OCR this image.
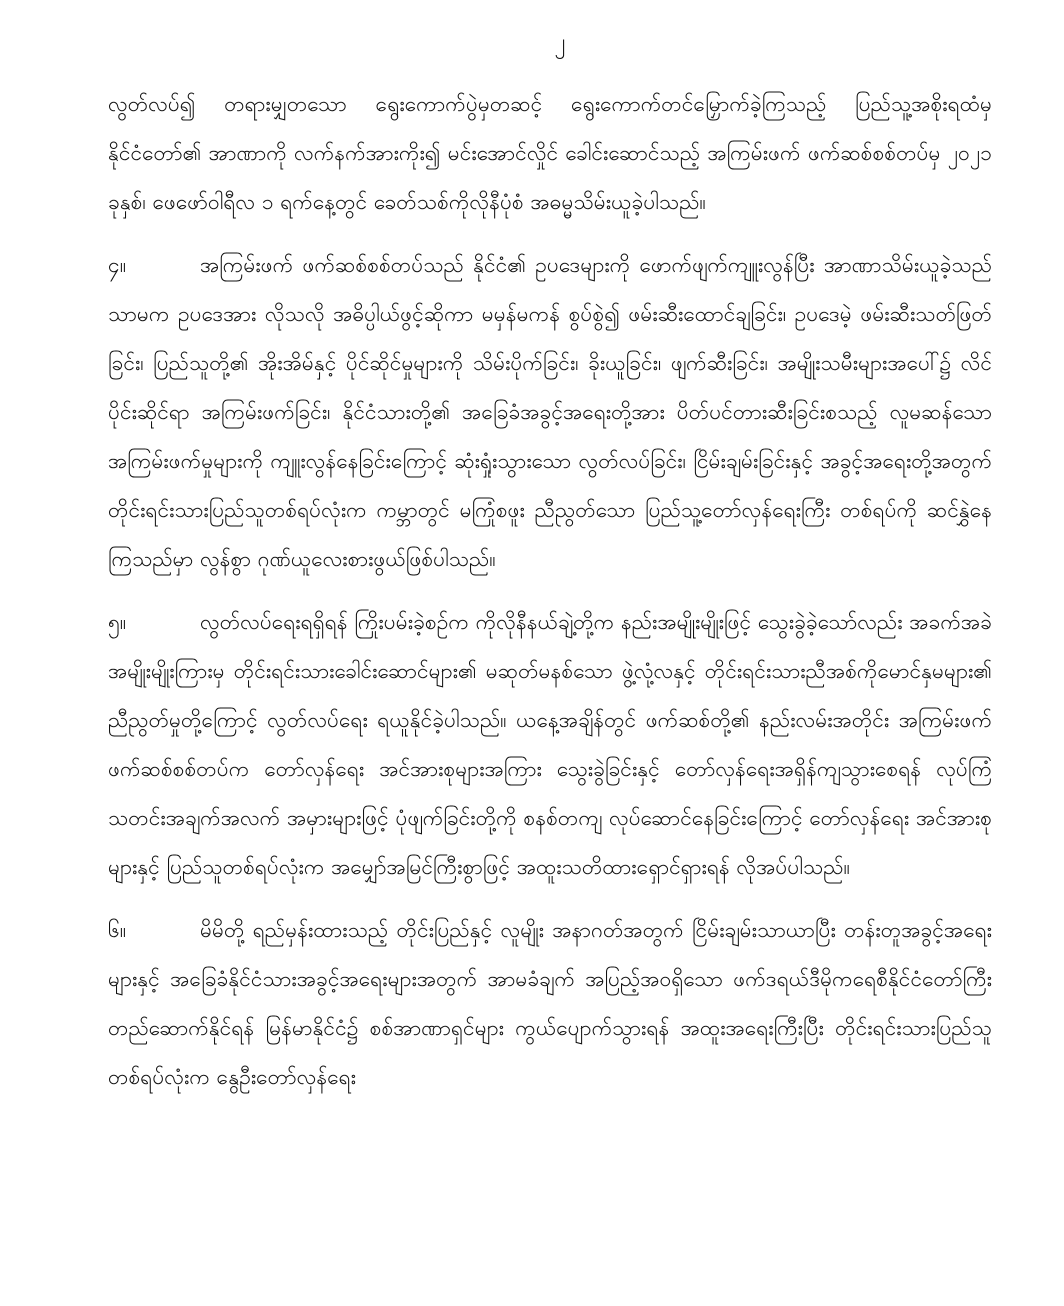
၂

လွတ်လပ်၍ တရားမျှတသော ရွေးကောက်ပွဲမှတဆင့် ရွေးကောက်တင်မြှောက်ခဲ့ကြသည့် ပြည်သူ့အစိုးရထံမှ နိုင်ငံတော်၏ အာဏာကို လက်နက်အားကိုး၍ မင်းအောင်လှိုင် ခေါင်းဆောင်သည့် အကြမ်းဖက် ဖက်ဆစ်စစ်တပ်မှ ၂၀၂၁ ခုနှစ်၊ ဖေဖော်ဝါရီလ ၁ ရက်နေ့တွင် ခေတ်သစ်ကိုလိုနီပုံစံ အဓမ္မသိမ်းယူခဲ့ပါသည်။

၄။	အကြမ်းဖက် ဖက်ဆစ်စစ်တပ်သည် နိုင်ငံ၏ ဥပဒေများကို ဖောက်ဖျက်ကျူးလွန်ပြီး အာဏာသိမ်းယူခဲ့သည်သာမက ဥပဒေအား လိုသလို အဓိပ္ပါယ်ဖွင့်ဆိုကာ မမှန်မကန် စွပ်စွဲ၍ ဖမ်းဆီးထောင်ချခြင်း၊ ဥပဒေမဲ့ ဖမ်းဆီးသတ်ဖြတ်ခြင်း၊ ပြည်သူတို့၏ အိုးအိမ်နှင့် ပိုင်ဆိုင်မှုများကို သိမ်းပိုက်ခြင်း၊ ခိုးယူခြင်း၊ ဖျက်ဆီးခြင်း၊ အမျိုးသမီးများအပေါ်၌ လိင်ပိုင်းဆိုင်ရာ အကြမ်းဖက်ခြင်း၊ နိုင်ငံသားတို့၏ အခြေခံအခွင့်အရေးတို့အား ပိတ်ပင်တားဆီးခြင်းစသည့် လူမဆန်သော အကြမ်းဖက်မှုများကို ကျူးလွန်နေခြင်းကြောင့် ဆုံးရှုံးသွားသော လွတ်လပ်ခြင်း၊ ငြိမ်းချမ်းခြင်းနှင့် အခွင့်အရေးတို့အတွက် တိုင်းရင်းသားပြည်သူတစ်ရပ်လုံးက ကမ္ဘာတွင် မကြုံစဖူး ညီညွတ်သော ပြည်သူ့တော်လှန်ရေးကြီး တစ်ရပ်ကို ဆင်နွှဲနေကြသည်မှာ လွန်စွာ ဂုဏ်ယူလေးစားဖွယ်ဖြစ်ပါသည်။

၅။	လွတ်လပ်ရေးရရှိရန် ကြိုးပမ်းခဲ့စဉ်က ကိုလိုနီနယ်ချဲ့တို့က နည်းအမျိုးမျိုးဖြင့် သွေးခွဲခဲ့သော်လည်း အခက်အခဲအမျိုးမျိုးကြားမှ တိုင်းရင်းသားခေါင်းဆောင်များ၏ မဆုတ်မနစ်သော ဖွဲ့လုံ့လနှင့် တိုင်းရင်းသားညီအစ်ကိုမောင်နှမများ၏ ညီညွတ်မှုတို့ကြောင့် လွတ်လပ်ရေး ရယူနိုင်ခဲ့ပါသည်။ ယနေ့အချိန်တွင် ဖက်ဆစ်တို့၏ နည်းလမ်းအတိုင်း အကြမ်းဖက် ဖက်ဆစ်စစ်တပ်က တော်လှန်ရေး အင်အားစုများအကြား သွေးခွဲခြင်းနှင့် တော်လှန်ရေးအရှိန်ကျသွားစေရန် လုပ်ကြံသတင်းအချက်အလက် အမှားများဖြင့် ပုံဖျက်ခြင်းတို့ကို စနစ်တကျ လုပ်ဆောင်နေခြင်းကြောင့် တော်လှန်ရေး အင်အားစုများနှင့် ပြည်သူတစ်ရပ်လုံးက အမျှော်အမြင်ကြီးစွာဖြင့် အထူးသတိထားရှောင်ရှားရန် လိုအပ်ပါသည်။

၆။	မိမိတို့ ရည်မှန်းထားသည့် တိုင်းပြည်နှင့် လူမျိုး အနာဂတ်အတွက် ငြိမ်းချမ်းသာယာပြီး တန်းတူအခွင့်အရေးများနှင့် အခြေခံနိုင်ငံသားအခွင့်အရေးများအတွက် အာမခံချက် အပြည့်အဝရှိသော ဖက်ဒရယ်ဒီမိုကရေစီနိုင်ငံတော်ကြီး တည်ဆောက်နိုင်ရန် မြန်မာနိုင်ငံ၌ စစ်အာဏာရှင်များ ကွယ်ပျောက်သွားရန် အထူးအရေးကြီးပြီး တိုင်းရင်းသားပြည်သူတစ်ရပ်လုံးက နွေဦးတော်လှန်ရေး
